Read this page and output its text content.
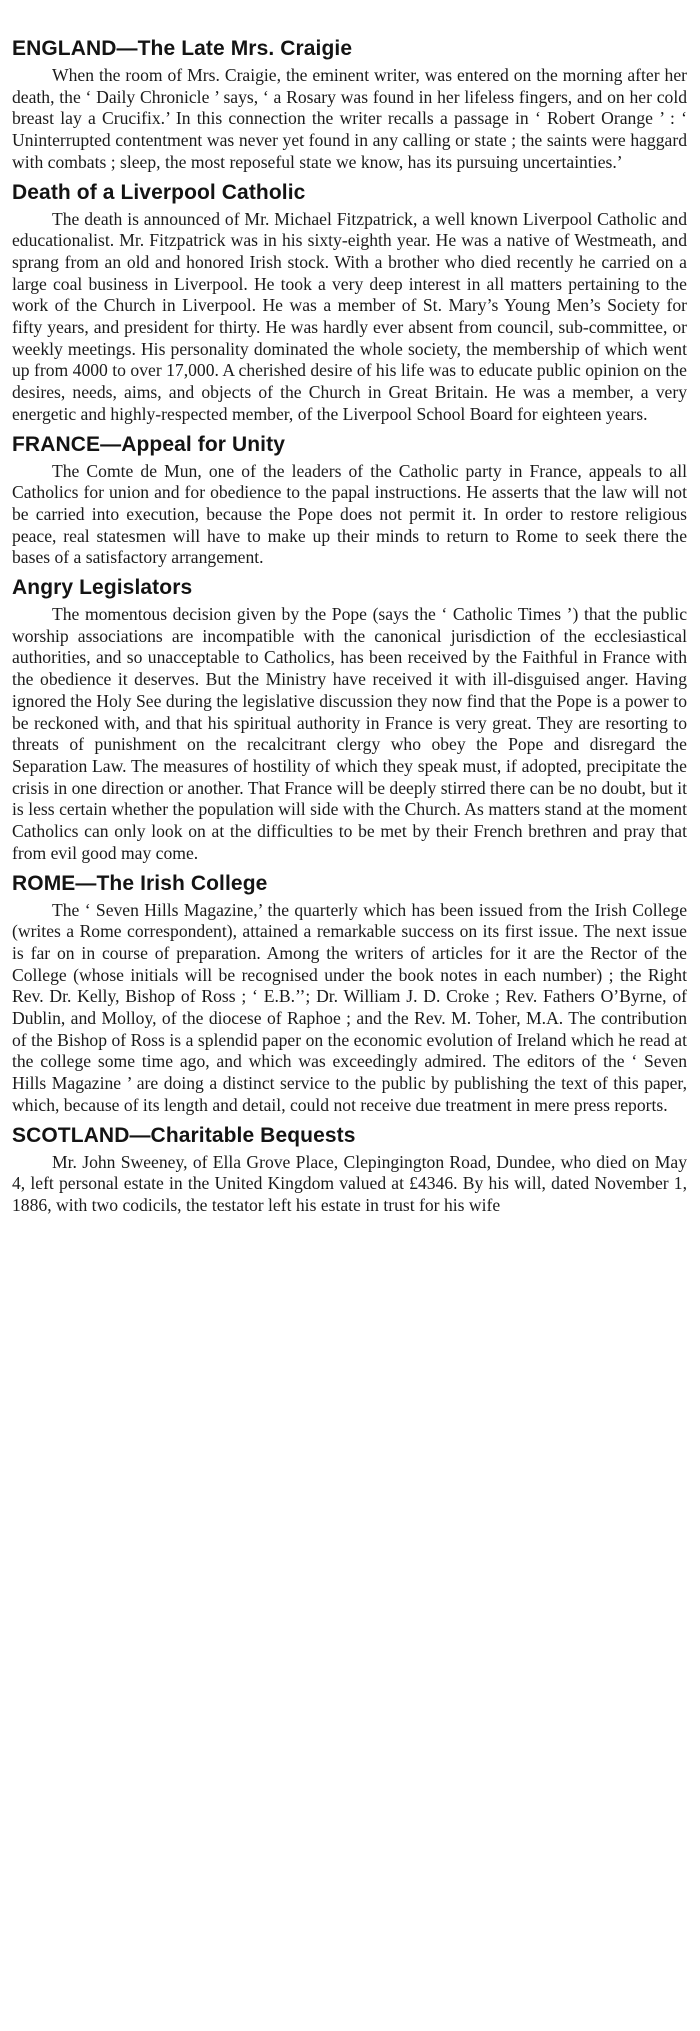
ENGLAND—The Late Mrs. Craigie

When the room of Mrs. Craigie, the eminent writer, was entered on the morning after her death, the ‘ Daily Chronicle ’ says, ‘ a Rosary was found in her lifeless fingers, and on her cold breast lay a Crucifix.’ In this connection the writer recalls a passage in ‘ Robert Orange ’ : ‘ Uninterrupted contentment was never yet found in any calling or state ; the saints were haggard with combats ; sleep, the most reposeful state we know, has its pursuing uncertainties.’

Death of a Liverpool Catholic

The death is announced of Mr. Michael Fitzpatrick, a well known Liverpool Catholic and educationalist. Mr. Fitzpatrick was in his sixty-eighth year. He was a native of Westmeath, and sprang from an old and honored Irish stock. With a brother who died recently he carried on a large coal business in Liverpool. He took a very deep interest in all matters pertaining to the work of the Church in Liverpool. He was a member of St. Mary’s Young Men’s Society for fifty years, and president for thirty. He was hardly ever absent from council, sub-committee, or weekly meetings. His personality dominated the whole society, the membership of which went up from 4000 to over 17,000. A cherished desire of his life was to educate public opinion on the desires, needs, aims, and objects of the Church in Great Britain. He was a member, a very energetic and highly-respected member, of the Liverpool School Board for eighteen years.

FRANCE—Appeal for Unity

The Comte de Mun, one of the leaders of the Catholic party in France, appeals to all Catholics for union and for obedience to the papal instructions. He asserts that the law will not be carried into execution, because the Pope does not permit it. In order to restore religious peace, real statesmen will have to make up their minds to return to Rome to seek there the bases of a satisfactory arrangement.

Angry Legislators

The momentous decision given by the Pope (says the ‘ Catholic Times ’) that the public worship associations are incompatible with the canonical jurisdiction of the ecclesiastical authorities, and so unacceptable to Catholics, has been received by the Faithful in France with the obedience it deserves. But the Ministry have received it with ill-disguised anger. Having ignored the Holy See during the legislative discussion they now find that the Pope is a power to be reckoned with, and that his spiritual authority in France is very great. They are resorting to threats of punishment on the recalcitrant clergy who obey the Pope and disregard the Separation Law. The measures of hostility of which they speak must, if adopted, precipitate the crisis in one direction or another. That France will be deeply stirred there can be no doubt, but it is less certain whether the population will side with the Church. As matters stand at the moment Catholics can only look on at the difficulties to be met by their French brethren and pray that from evil good may come.

ROME—The Irish College

The ‘ Seven Hills Magazine,’ the quarterly which has been issued from the Irish College (writes a Rome correspondent), attained a remarkable success on its first issue. The next issue is far on in course of preparation. Among the writers of articles for it are the Rector of the College (whose initials will be recognised under the book notes in each number) ; the Right Rev. Dr. Kelly, Bishop of Ross ; ‘ E.B.’’; Dr. William J. D. Croke ; Rev. Fathers O’Byrne, of Dublin, and Molloy, of the diocese of Raphoe ; and the Rev. M. Toher, M.A. The contribution of the Bishop of Ross is a splendid paper on the economic evolution of Ireland which he read at the college some time ago, and which was exceedingly admired. The editors of the ‘ Seven Hills Magazine ’ are doing a distinct service to the public by publishing the text of this paper, which, because of its length and detail, could not receive due treatment in mere press reports.

SCOTLAND—Charitable Bequests

Mr. John Sweeney, of Ella Grove Place, Clepingington Road, Dundee, who died on May 4, left personal estate in the United Kingdom valued at £4346. By his will, dated November 1, 1886, with two codicils, the testator left his estate in trust for his wife
